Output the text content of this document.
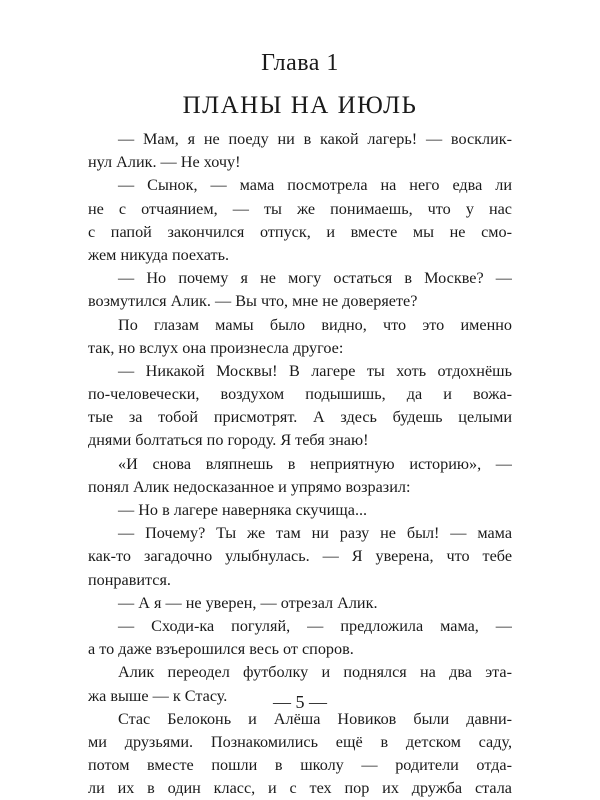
Глава 1
ПЛАНЫ НА ИЮЛЬ
— Мам, я не поеду ни в какой лагерь! — восклик-
нул Алик. — Не хочу!
— Сынок, — мама посмотрела на него едва ли
не с отчаянием, — ты же понимаешь, что у нас
с папой закончился отпуск, и вместе мы не смо-
жем никуда поехать.
— Но почему я не могу остаться в Москве? —
возмутился Алик. — Вы что, мне не доверяете?
По глазам мамы было видно, что это именно
так, но вслух она произнесла другое:
— Никакой Москвы! В лагере ты хоть отдохнёшь
по-человечески, воздухом подышишь, да и вожа-
тые за тобой присмотрят. А здесь будешь целыми
днями болтаться по городу. Я тебя знаю!
«И снова вляпнешь в неприятную историю», —
понял Алик недосказанное и упрямо возразил:
— Но в лагере наверняка скучища...
— Почему? Ты же там ни разу не был! — мама
как-то загадочно улыбнулась. — Я уверена, что тебе
понравится.
— А я — не уверен, — отрезал Алик.
— Сходи-ка погуляй, — предложила мама, —
а то даже взъерошился весь от споров.
Алик переодел футболку и поднялся на два эта-
жа выше — к Стасу.
Стас Белоконь и Алёша Новиков были давни-
ми друзьями. Познакомились ещё в детском саду,
потом вместе пошли в школу — родители отда-
ли их в один класс, и с тех пор их дружба стала
— 5 —
